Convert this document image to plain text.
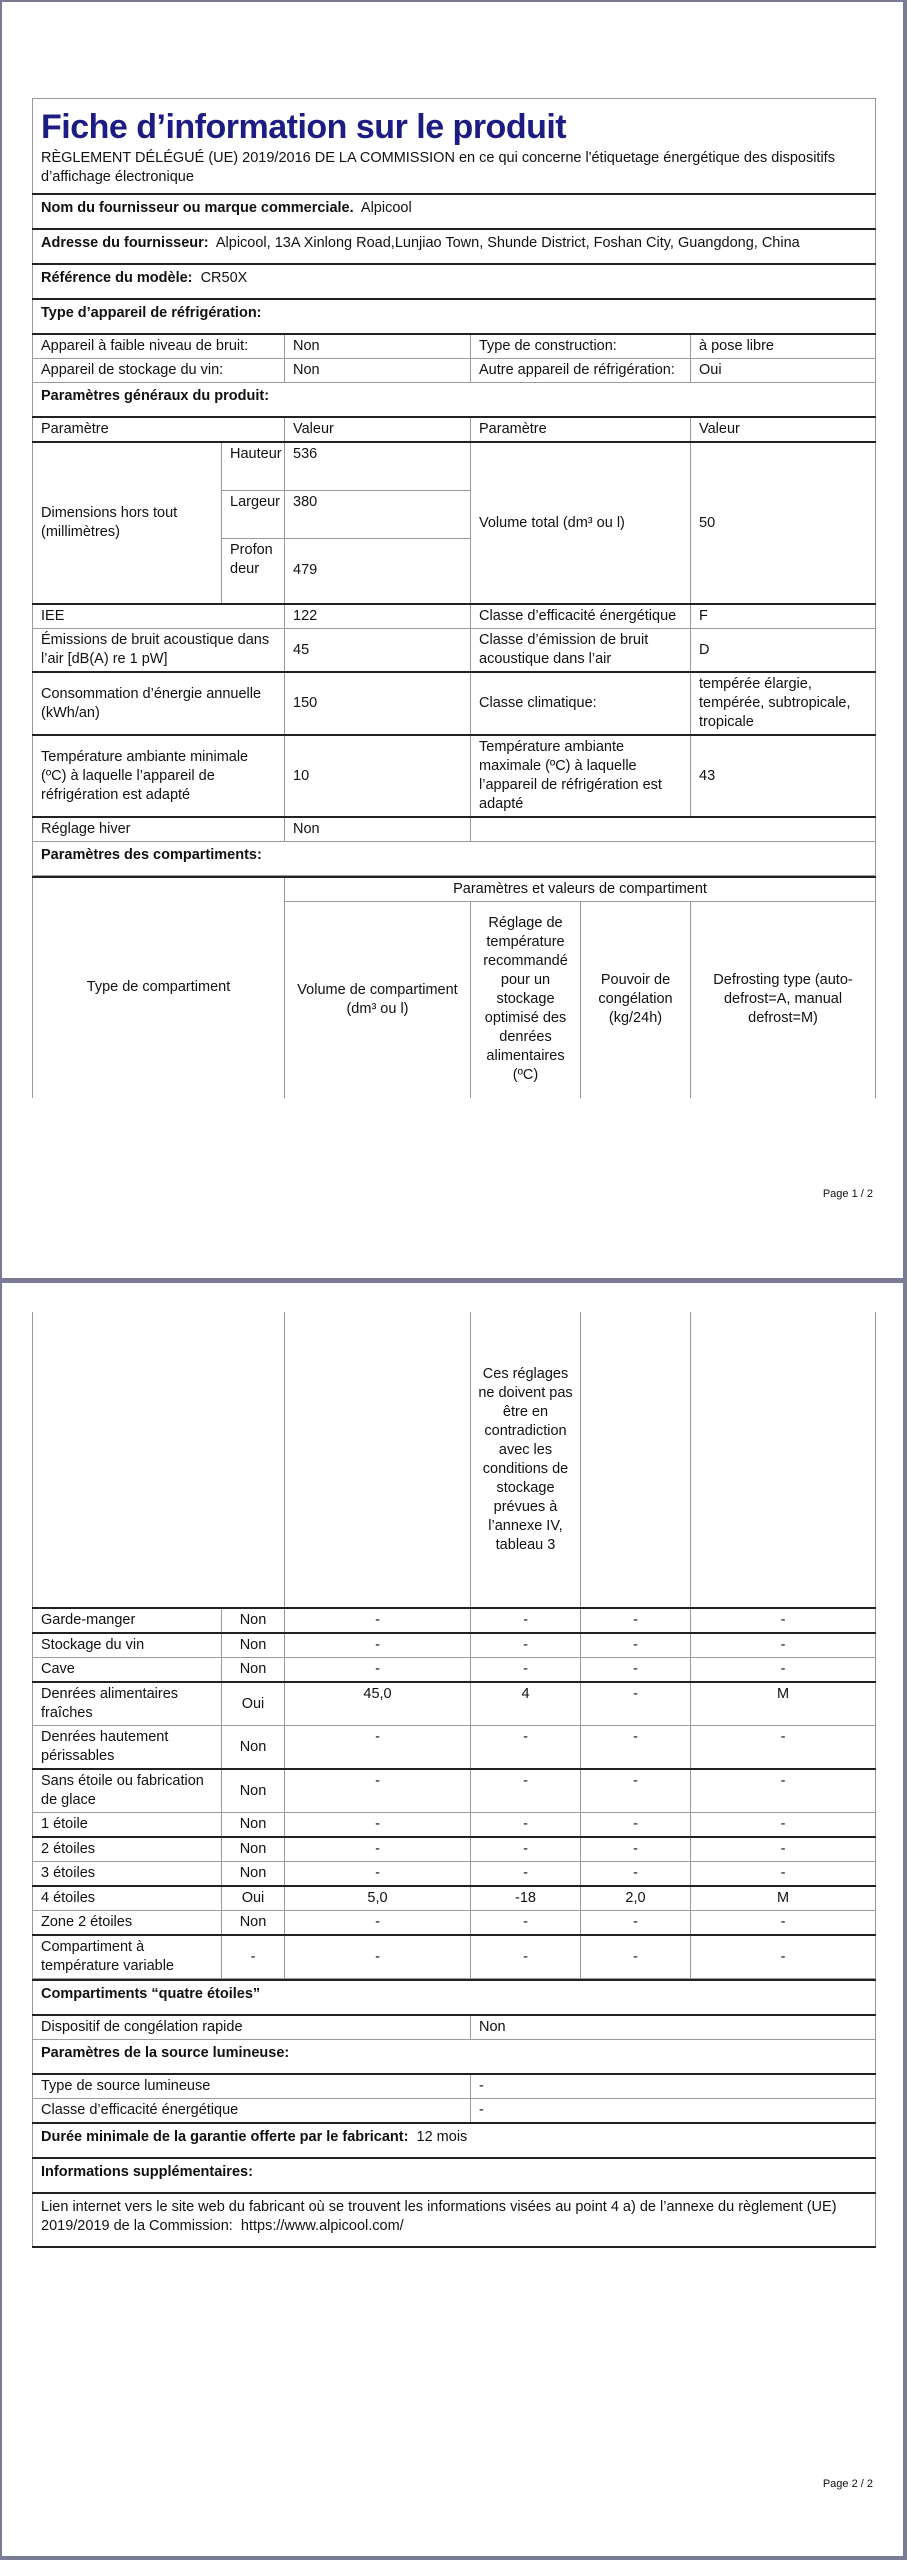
Fiche d’information sur le produit
RÈGLEMENT DÉLÉGUÉ (UE) 2019/2016 DE LA COMMISSION en ce qui concerne l'étiquetage énergétique des dispositifs d’affichage électronique				

Nom du fournisseur ou marque commerciale. Alpicool				
Adresse du fournisseur: Alpicool, 13A Xinlong Road,Lunjiao Town, Shunde District, Foshan City, Guangdong, China				
Référence du modèle: CR50X				
Type d’appareil de réfrigération:				
Appareil à faible niveau de bruit:		Non	Type de construction:	à pose libre
Appareil de stockage du vin:		Non	Autre appareil de réfrigération:	Oui
Paramètres généraux du produit:				
Paramètre		Valeur	Paramètre	Valeur
Dimensions hors tout (millimètres)	Hauteur	536	Volume total (dm³ ou l)	50
	Largeur	380		
	Profondeur	479		
IEE		122	Classe d’efficacité énergétique	F
Émissions de bruit acoustique dans l’air [dB(A) re 1 pW]		45	Classe d’émission de bruit acoustique dans l’air	D
Consommation d’énergie annuelle (kWh/an)		150	Classe climatique:	tempérée élargie, tempérée, subtropicale, tropicale
Température ambiante minimale (ºC) à laquelle l’appareil de réfrigération est adapté		10	Température ambiante maximale (ºC) à laquelle l’appareil de réfrigération est adapté	43
Réglage hiver		Non		
Paramètres des compartiments:				
Type de compartiment	Paramètres et valeurs de compartiment			
	Volume de compartiment (dm³ ou l)	Réglage de température recommandé pour un stockage optimisé des denrées alimentaires (ºC)	Pouvoir de congélation (kg/24h)	Defrosting type (auto-defrost=A, manual defrost=M)
Page 1 / 2
			Ces réglages ne doivent pas être en contradiction avec les conditions de stockage prévues à l’annexe IV, tableau 3		
Garde-manger	Non	-	-	-	-
Stockage du vin	Non	-	-	-	-
Cave	Non	-	-	-	-
Denrées alimentaires fraîches	Oui	45,0	4	-	M
Denrées hautement périssables	Non	-	-	-	-
Sans étoile ou fabrication de glace	Non	-	-	-	-
1 étoile	Non	-	-	-	-
2 étoiles	Non	-	-	-	-
3 étoiles	Non	-	-	-	-
4 étoiles	Oui	5,0	-18	2,0	M
Zone 2 étoiles	Non	-	-	-	-
Compartiment à température variable	-	-	-	-	-
Compartiments “quatre étoiles”	
Dispositif de congélation rapide	Non
Paramètres de la source lumineuse:	
Type de source lumineuse	-
Classe d’efficacité énergétique	-
Durée minimale de la garantie offerte par le fabricant: 12 mois	
Informations supplémentaires:	
Lien internet vers le site web du fabricant où se trouvent les informations visées au point 4 a) de l’annexe du règlement (UE) 2019/2019 de la Commission: https://www.alpicool.com/	
Page 2 / 2
